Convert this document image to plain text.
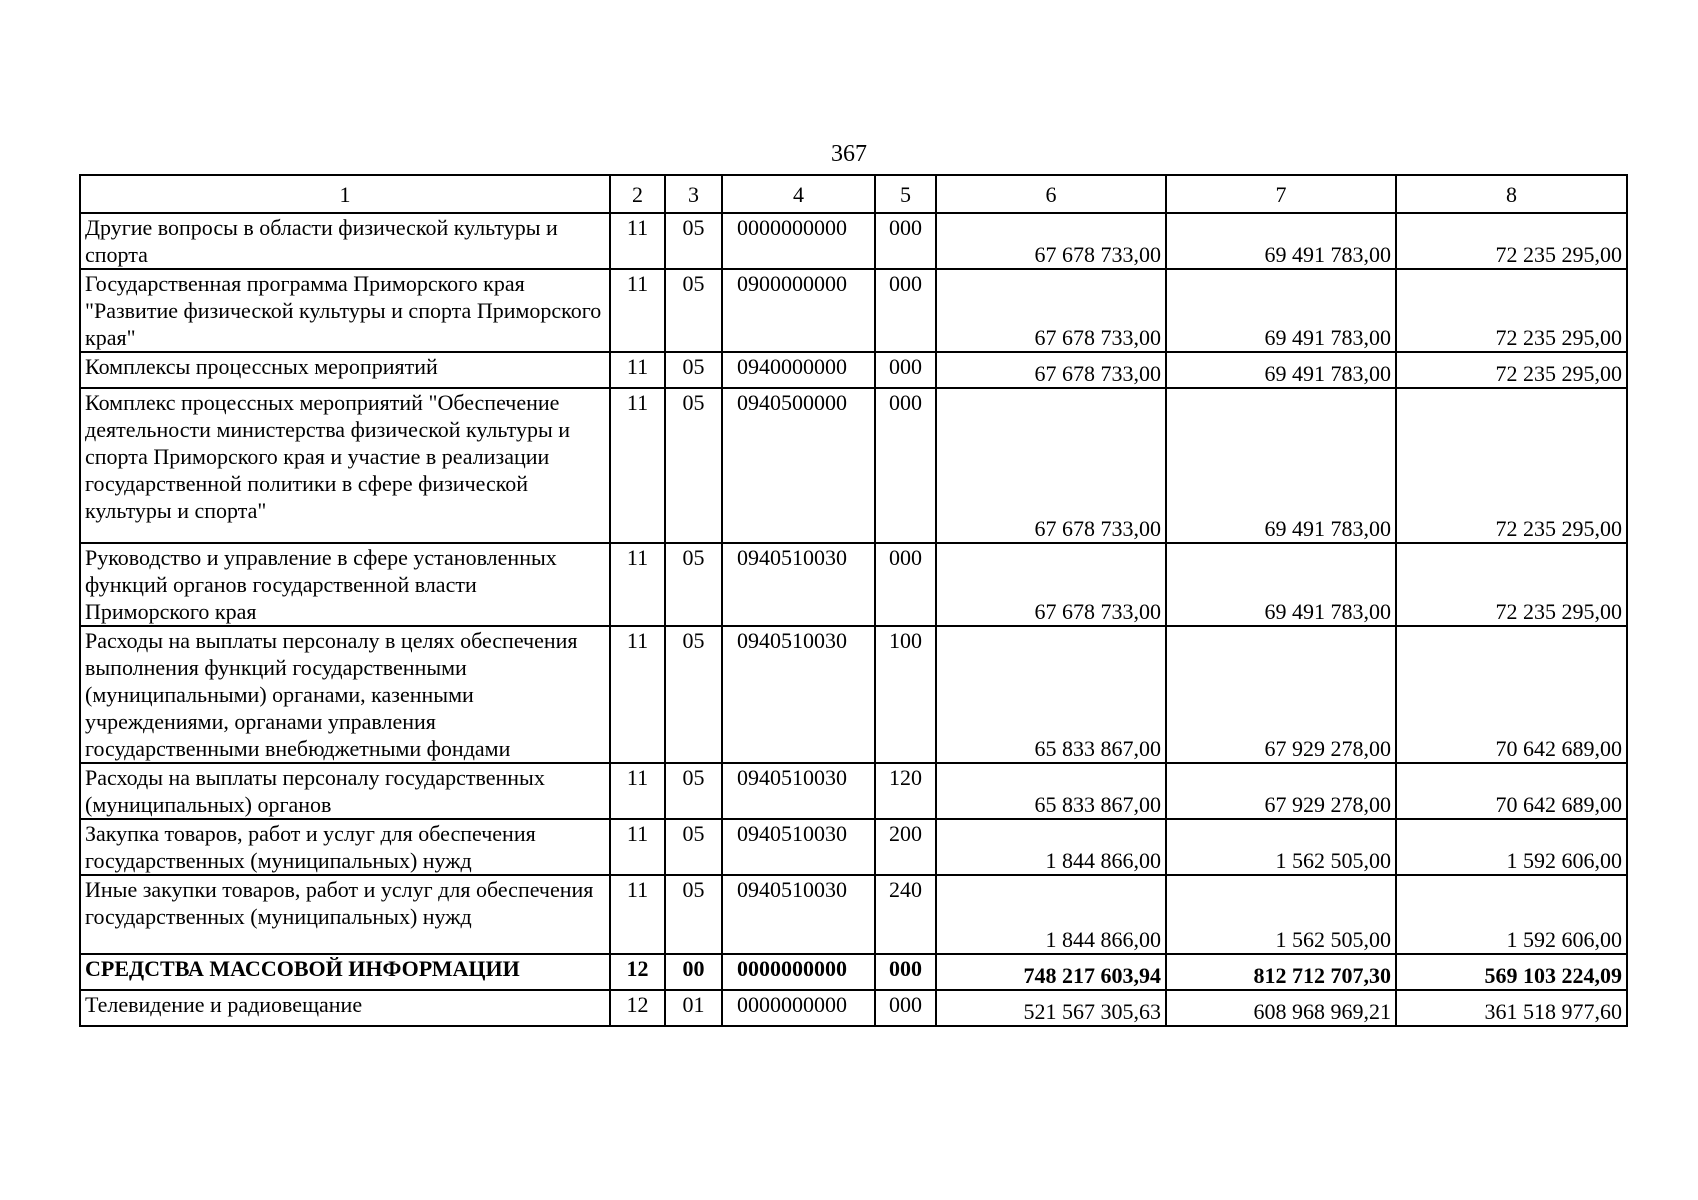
367
1	2	3	4	5	6	7	8
Другие вопросы в области физической культуры и спорта	11	05	0000000000	000	67 678 733,00	69 491 783,00	72 235 295,00
Государственная программа Приморского края "Развитие физической культуры и спорта Приморского края"	11	05	0900000000	000	67 678 733,00	69 491 783,00	72 235 295,00
Комплексы процессных мероприятий	11	05	0940000000	000	67 678 733,00	69 491 783,00	72 235 295,00
Комплекс процессных мероприятий "Обеспечение деятельности министерства физической культуры и спорта Приморского края и участие в реализации государственной политики в сфере физической культуры и спорта"	11	05	0940500000	000	67 678 733,00	69 491 783,00	72 235 295,00
Руководство и управление в сфере установленных функций органов государственной власти Приморского края	11	05	0940510030	000	67 678 733,00	69 491 783,00	72 235 295,00
Расходы на выплаты персоналу в целях обеспечения выполнения функций государственными (муниципальными) органами, казенными учреждениями, органами управления государственными внебюджетными фондами	11	05	0940510030	100	65 833 867,00	67 929 278,00	70 642 689,00
Расходы на выплаты персоналу государственных (муниципальных) органов	11	05	0940510030	120	65 833 867,00	67 929 278,00	70 642 689,00
Закупка товаров, работ и услуг для обеспечения государственных (муниципальных) нужд	11	05	0940510030	200	1 844 866,00	1 562 505,00	1 592 606,00
Иные закупки товаров, работ и услуг для обеспечения государственных (муниципальных) нужд	11	05	0940510030	240	1 844 866,00	1 562 505,00	1 592 606,00
СРЕДСТВА МАССОВОЙ ИНФОРМАЦИИ	12	00	0000000000	000	748 217 603,94	812 712 707,30	569 103 224,09
Телевидение и радиовещание	12	01	0000000000	000	521 567 305,63	608 968 969,21	361 518 977,60
